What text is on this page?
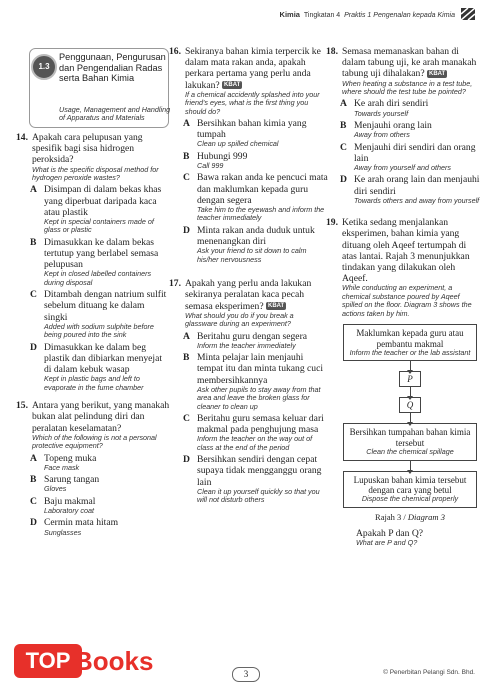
Kimia Tingkatan 4 Praktis 1 Pengenalan kepada Kimia
1.3
Penggunaan, Pengurusan dan Pengendalian Radas serta Bahan Kimia
Usage, Management and Handling of Apparatus and Materials
14. Apakah cara pelupusan yang spesifik bagi sisa hidrogen peroksida?
What is the specific disposal method for hydrogen peroxide wastes?
A Disimpan di dalam bekas khas yang diperbuat daripada kaca atau plastik
Kept in special containers made of glass or plastic
B Dimasukkan ke dalam bekas tertutup yang berlabel semasa pelupusan
Kept in closed labelled containers during disposal
C Ditambah dengan natrium sulfit sebelum dituang ke dalam singki
Added with sodium sulphite before being poured into the sink
D Dimasukkan ke dalam beg plastik dan dibiarkan menyejat di dalam kebuk wasap
Kept in plastic bags and left to evaporate in the fume chamber
15. Antara yang berikut, yang manakah bukan alat pelindung diri dan peralatan keselamatan?
Which of the following is not a personal protective equipment?
A Topeng muka
Face mask
B Sarung tangan
Gloves
C Baju makmal
Laboratory coat
D Cermin mata hitam
Sunglasses
16. Sekiranya bahan kimia terpercik ke dalam mata rakan anda, apakah perkara pertama yang perlu anda lakukan? KBAT
If a chemical accidently splashed into your friend's eyes, what is the first thing you should do?
A Bersihkan bahan kimia yang tumpah
Clean up spilled chemical
B Hubungi 999
Call 999
C Bawa rakan anda ke pencuci mata dan maklumkan kepada guru dengan segera
Take him to the eyewash and inform the teacher immediately
D Minta rakan anda duduk untuk menenangkan diri
Ask your friend to sit down to calm his/her nervousness
17. Apakah yang perlu anda lakukan sekiranya peralatan kaca pecah semasa eksperimen? KBAT
What should you do if you break a glassware during an experiment?
A Beritahu guru dengan segera
Inform the teacher immediately
B Minta pelajar lain menjauhi tempat itu dan minta tukang cuci membersihkannya
Ask other pupils to stay away from that area and leave the broken glass for cleaner to clean up
C Beritahu guru semasa keluar dari makmal pada penghujung masa
Inform the teacher on the way out of class at the end of the period
D Bersihkan sendiri dengan cepat supaya tidak mengganggu orang lain
Clean it up yourself quickly so that you will not disturb others
18. Semasa memanaskan bahan di dalam tabung uji, ke arah manakah tabung uji dihalakan? KBAT
When heating a substance in a test tube, where should the test tube be pointed?
A Ke arah diri sendiri
Towards yourself
B Menjauhi orang lain
Away from others
C Menjauhi diri sendiri dan orang lain
Away from yourself and others
D Ke arah orang lain dan menjauhi diri sendiri
Towards others and away from yourself
19. Ketika sedang menjalankan eksperimen, bahan kimia yang dituang oleh Aqeef tertumpah di atas lantai. Rajah 3 menunjukkan tindakan yang dilakukan oleh Aqeef.
While conducting an experiment, a chemical substance poured by Aqeef spilled on the floor. Diagram 3 shows the actions taken by him.
Maklumkan kepada guru atau pembantu makmal
Inform the teacher or the lab assistant
P
Q
Bersihkan tumpahan bahan kimia tersebut
Clean the chemical spillage
Lupuskan bahan kimia tersebut dengan cara yang betul
Dispose the chemical properly
Rajah 3 / Diagram 3
Apakah P dan Q?
What are P and Q?
3	© Penerbitan Pelangi Sdn. Bhd.
TOP Books
